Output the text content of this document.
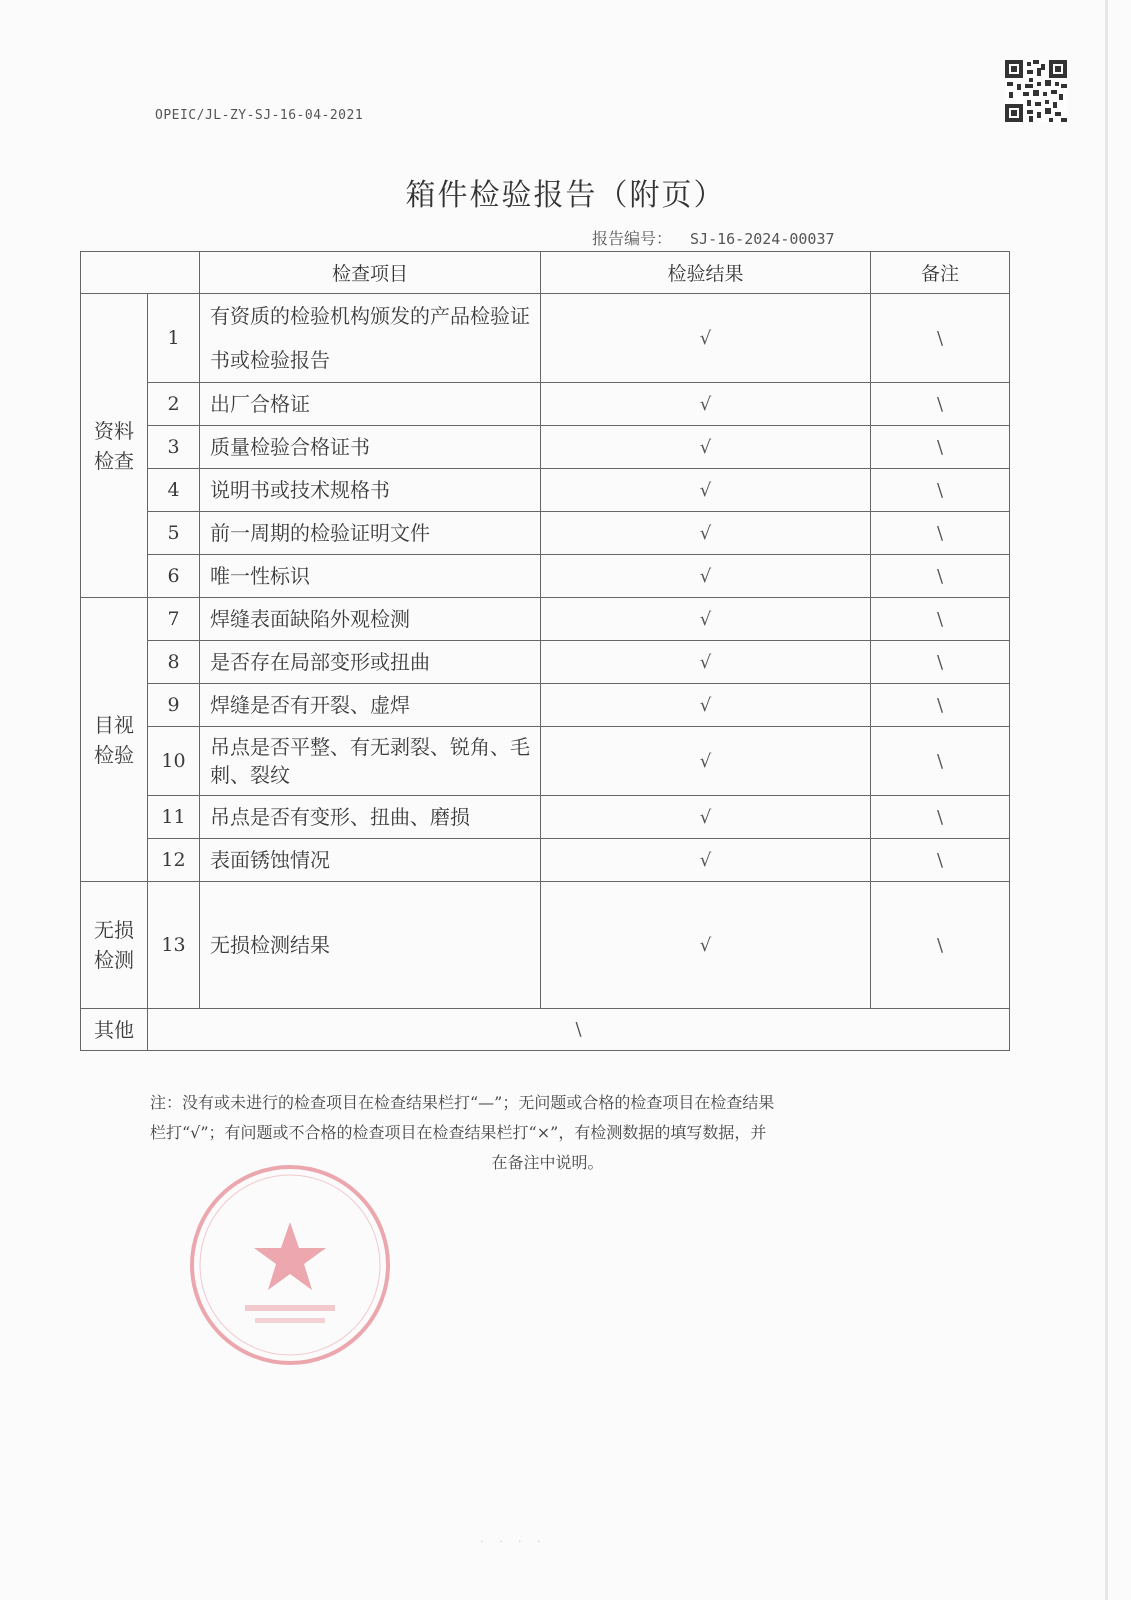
OPEIC/JL-ZY-SJ-16-04-2021
箱件检验报告（附页）
报告编号： SJ-16-2024-00037
		检查项目	检验结果	备注

资料检查	1	有资质的检验机构颁发的产品检验证书或检验报告	√	\
	2	出厂合格证	√	\
	3	质量检验合格证书	√	\
	4	说明书或技术规格书	√	\
	5	前一周期的检验证明文件	√	\
	6	唯一性标识	√	\

目视检验	7	焊缝表面缺陷外观检测	√	\
	8	是否存在局部变形或扭曲	√	\
	9	焊缝是否有开裂、虚焊	√	\
	10	吊点是否平整、有无剥裂、锐角、毛刺、裂纹	√	\
	11	吊点是否有变形、扭曲、磨损	√	\
	12	表面锈蚀情况	√	\

无损检测	13	无损检测结果	√	\
其他	\			
注：没有或未进行的检查项目在检查结果栏打“—”；无问题或合格的检查项目在检查结果
栏打“√”；有问题或不合格的检查项目在检查结果栏打“×”，有检测数据的填写数据，并
在备注中说明。
· · · ·
